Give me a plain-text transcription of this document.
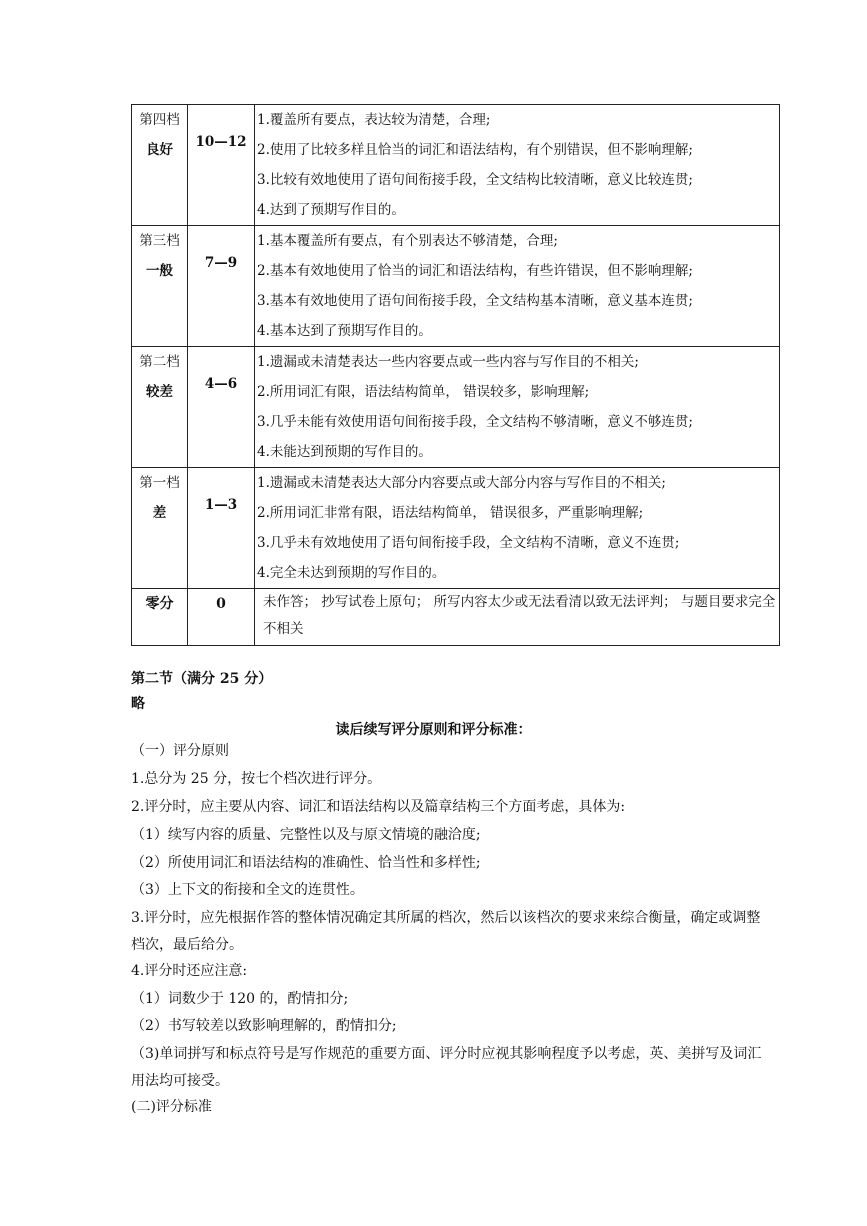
第四档
良好	10—12	1.覆盖所有要点，表达较为清楚，合理;
2.使用了比较多样且恰当的词汇和语法结构，有个别错误，但不影响理解;
3.比较有效地使用了语句间衔接手段，全文结构比较清晰，意义比较连贯;
4.达到了预期写作目的。

第三档
一般	7—9	1.基本覆盖所有要点，有个别表达不够清楚，合理;
2.基本有效地使用了恰当的词汇和语法结构，有些许错误，但不影响理解;
3.基本有效地使用了语句间衔接手段，全文结构基本清晰，意义基本连贯;
4.基本达到了预期写作目的。

第二档
较差	4—6	1.遗漏或未清楚表达一些内容要点或一些内容与写作目的不相关;
2.所用词汇有限，语法结构简单， 错误较多，影响理解;
3.几乎未能有效使用语句间衔接手段，全文结构不够清晰，意义不够连贯;
4.未能达到预期的写作目的。

第一档
差	1—3	1.遗漏或未清楚表达大部分内容要点或大部分内容与写作目的不相关;
2.所用词汇非常有限，语法结构简单， 错误很多，严重影响理解;
3.几乎未有效地使用了语句间衔接手段，全文结构不清晰，意义不连贯;
4.完全未达到预期的写作目的。

零分	0	未作答； 抄写试卷上原句； 所写内容太少或无法看清以致无法评判； 与题目要求完全不相关
第二节（满分 25 分）
略
读后续写评分原则和评分标准：
（一）评分原则
1.总分为 25 分，按七个档次进行评分。
2.评分时，应主要从内容、词汇和语法结构以及篇章结构三个方面考虑，具体为:
（1）续写内容的质量、完整性以及与原文情境的融洽度;
（2）所使用词汇和语法结构的准确性、恰当性和多样性;
（3）上下文的衔接和全文的连贯性。
3.评分时，应先根据作答的整体情况确定其所属的档次，然后以该档次的要求来综合衡量，确定或调整档次，最后给分。
4.评分时还应注意:
（1）词数少于 120 的，酌情扣分;
（2）书写较差以致影响理解的，酌情扣分;
（3)单词拼写和标点符号是写作规范的重要方面、评分时应视其影响程度予以考虑，英、美拼写及词汇用法均可接受。
(二)评分标准
